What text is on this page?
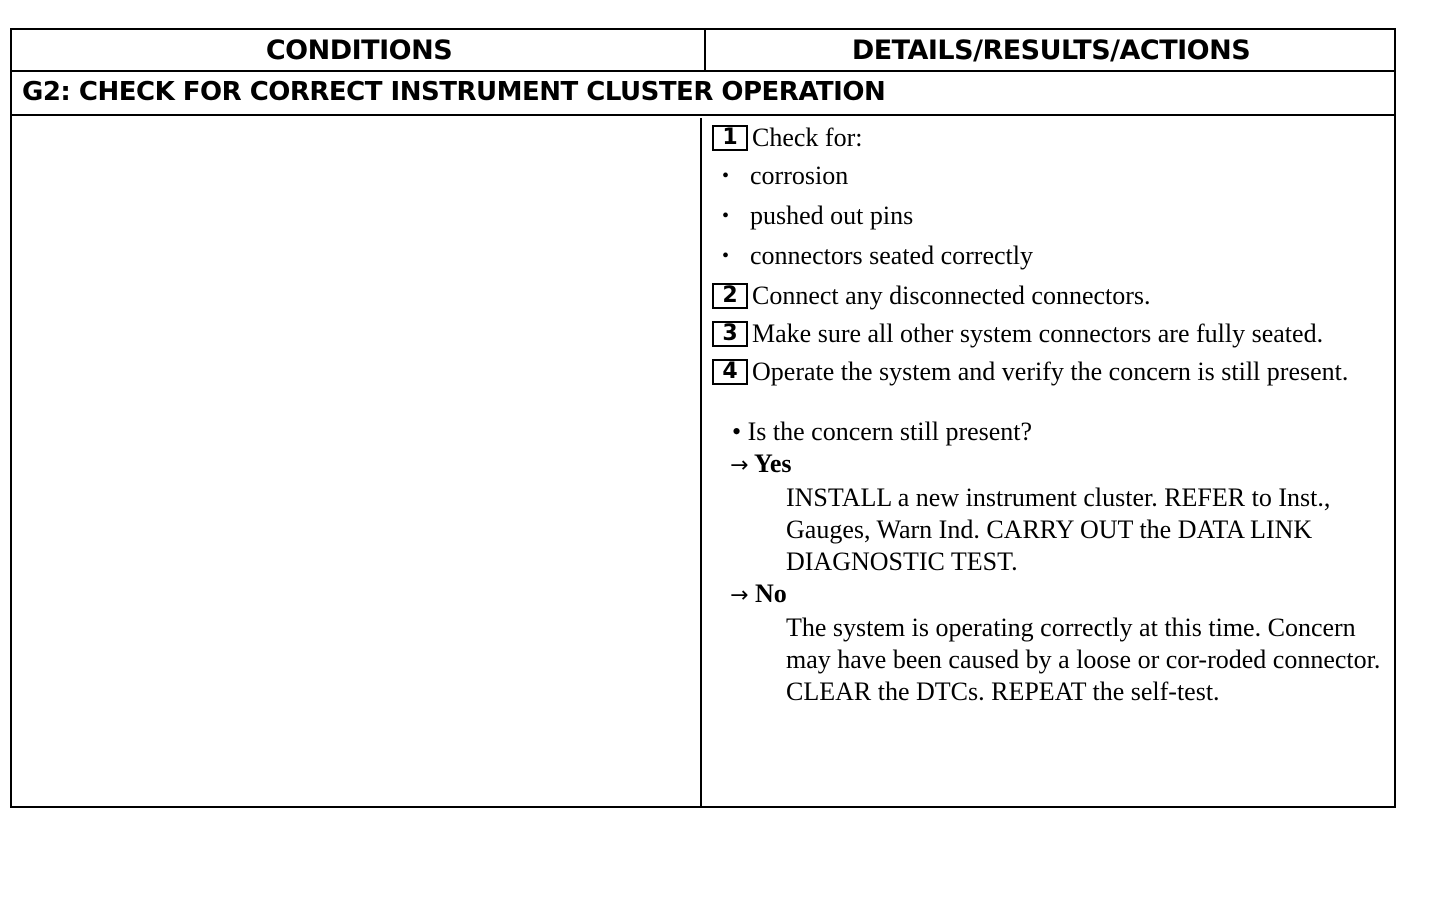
CONDITIONS	DETAILS/RESULTS/ACTIONS
G2: CHECK FOR CORRECT INSTRUMENT CLUSTER OPERATION
1 Check for:
• corrosion
• pushed out pins
• connectors seated correctly
2 Connect any disconnected connectors.
3 Make sure all other system connectors are fully seated.
4 Operate the system and verify the concern is still present.
• Is the concern still present?
→ Yes
INSTALL a new instrument cluster. REFER to Inst., Gauges, Warn Ind. CARRY OUT the DATA LINK DIAGNOSTIC TEST.
→ No
The system is operating correctly at this time. Concern may have been caused by a loose or cor-roded connector. CLEAR the DTCs. REPEAT the self-test.
